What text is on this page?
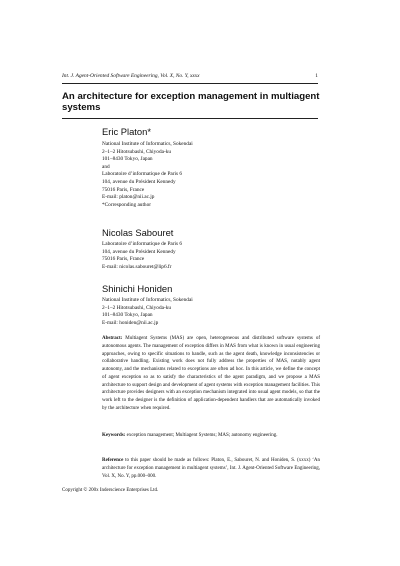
Int. J. Agent-Oriented Software Engineering, Vol. X, No. Y, xxxx	1
An architecture for exception management in multiagent systems
Eric Platon*
National Institute of Informatics, Sokendai
2–1–2 Hitotsubashi, Chiyoda-ku
101–8430 Tokyo, Japan
and
Laboratoire d’informatique de Paris 6
104, avenue du Président Kennedy
75016 Paris, France
E-mail: platon@nii.ac.jp
*Corresponding author
Nicolas Sabouret
Laboratoire d’informatique de Paris 6
104, avenue du Président Kennedy
75016 Paris, France
E-mail: nicolas.sabouret@lip6.fr
Shinichi Honiden
National Institute of Informatics, Sokendai
2–1–2 Hitotsubashi, Chiyoda-ku
101–8430 Tokyo, Japan
E-mail: honiden@nii.ac.jp

Abstract: Multiagent Systems (MAS) are open, heterogeneous and distributed software systems of autonomous agents. The management of exception differs in MAS from what is known in usual engineering approaches, owing to specific situations to handle, such as the agent death, knowledge inconsistencies or collaborative handling. Existing work does not fully address the properties of MAS, notably agent autonomy, and the mechanisms related to exceptions are often ad hoc. In this article, we define the concept of agent exception so as to satisfy the characteristics of the agent paradigm, and we propose a MAS architecture to support design and development of agent systems with exception management facilities. This architecture provides designers with an exception mechanism integrated into usual agent models, so that the work left to the designer is the definition of application-dependent handlers that are automatically invoked by the architecture when required.

Keywords: exception management; Multiagent Systems; MAS; autonomy engineering.

Reference to this paper should be made as follows: Platon, E., Sabouret, N. and Honiden, S. (xxxx) ‘An architecture for exception management in multiagent systems’, Int. J. Agent-Oriented Software Engineering, Vol. X, No. Y, pp.000–000.

Copyright © 200x Inderscience Enterprises Ltd.
